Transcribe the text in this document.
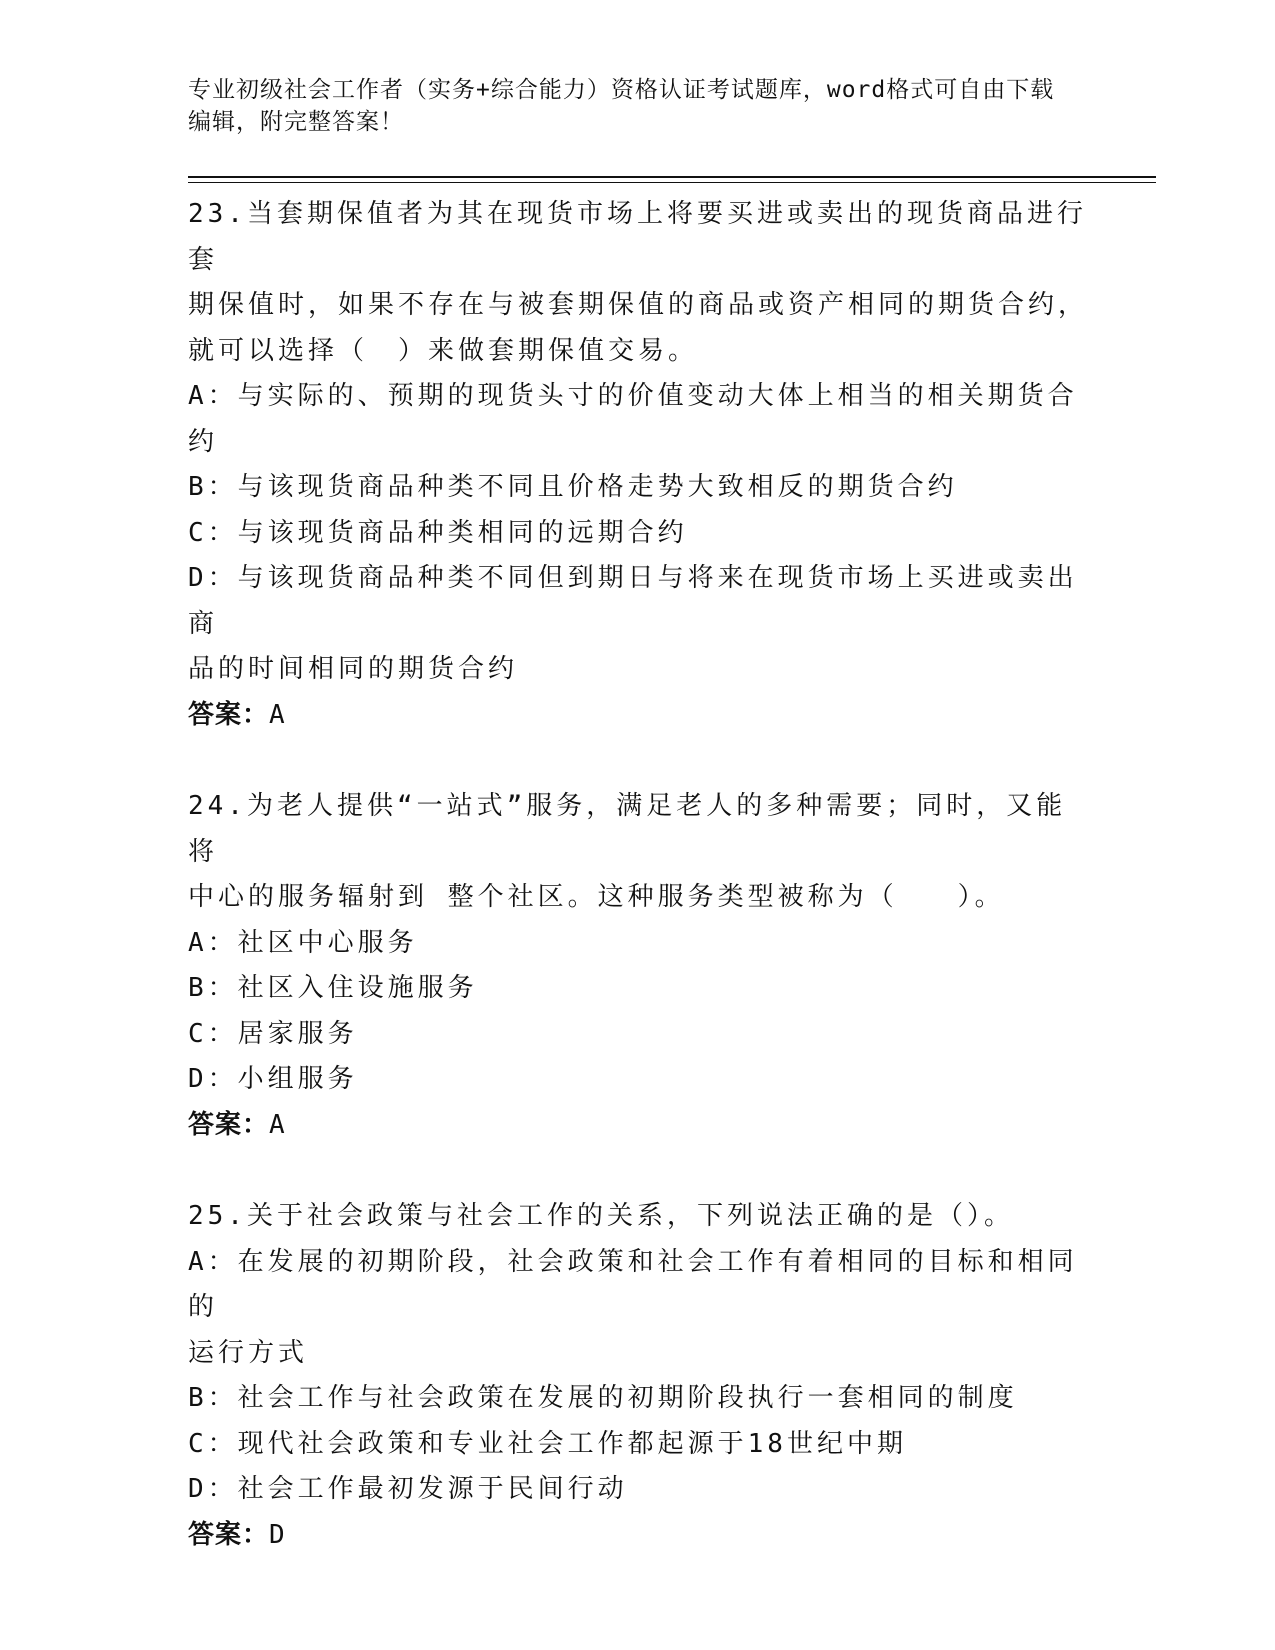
专业初级社会工作者（实务+综合能力）资格认证考试题库，word格式可自由下载
编辑，附完整答案！
23.当套期保值者为其在现货市场上将要买进或卖出的现货商品进行套
期保值时，如果不存在与被套期保值的商品或资产相同的期货合约，
就可以选择（　）来做套期保值交易。
A：与实际的、预期的现货头寸的价值变动大体上相当的相关期货合约
B：与该现货商品种类不同且价格走势大致相反的期货合约
C：与该现货商品种类相同的远期合约
D：与该现货商品种类不同但到期日与将来在现货市场上买进或卖出商
品的时间相同的期货合约
答案：A
24.为老人提供“一站式”服务，满足老人的多种需要；同时，又能将
中心的服务辐射到 整个社区。这种服务类型被称为（　　）。
A：社区中心服务
B：社区入住设施服务
C：居家服务
D：小组服务
答案：A
25.关于社会政策与社会工作的关系，下列说法正确的是（）。
A：在发展的初期阶段，社会政策和社会工作有着相同的目标和相同的
运行方式
B：社会工作与社会政策在发展的初期阶段执行一套相同的制度
C：现代社会政策和专业社会工作都起源于18世纪中期
D：社会工作最初发源于民间行动
答案：D
